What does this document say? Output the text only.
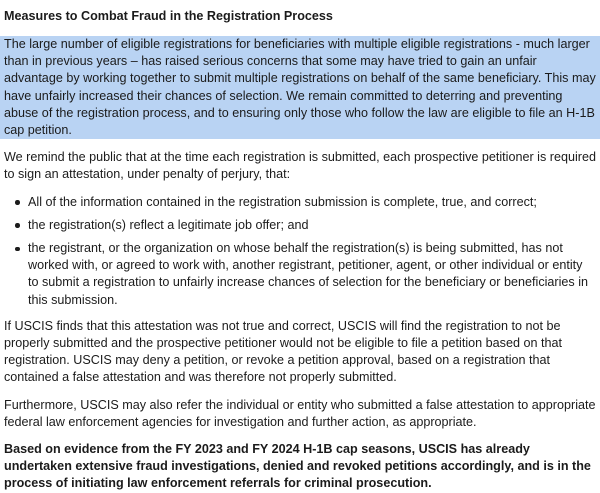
Measures to Combat Fraud in the Registration Process

The large number of eligible registrations for beneficiaries with multiple eligible registrations - much larger than in previous years – has raised serious concerns that some may have tried to gain an unfair advantage by working together to submit multiple registrations on behalf of the same beneficiary. This may have unfairly increased their chances of selection. We remain committed to deterring and preventing abuse of the registration process, and to ensuring only those who follow the law are eligible to file an H-1B cap petition.

We remind the public that at the time each registration is submitted, each prospective petitioner is required to sign an attestation, under penalty of perjury, that:

All of the information contained in the registration submission is complete, true, and correct;
the registration(s) reflect a legitimate job offer; and
the registrant, or the organization on whose behalf the registration(s) is being submitted, has not worked with, or agreed to work with, another registrant, petitioner, agent, or other individual or entity to submit a registration to unfairly increase chances of selection for the beneficiary or beneficiaries in this submission.

If USCIS finds that this attestation was not true and correct, USCIS will find the registration to not be properly submitted and the prospective petitioner would not be eligible to file a petition based on that registration. USCIS may deny a petition, or revoke a petition approval, based on a registration that contained a false attestation and was therefore not properly submitted.

Furthermore, USCIS may also refer the individual or entity who submitted a false attestation to appropriate federal law enforcement agencies for investigation and further action, as appropriate.

Based on evidence from the FY 2023 and FY 2024 H-1B cap seasons, USCIS has already undertaken extensive fraud investigations, denied and revoked petitions accordingly, and is in the process of initiating law enforcement referrals for criminal prosecution.
